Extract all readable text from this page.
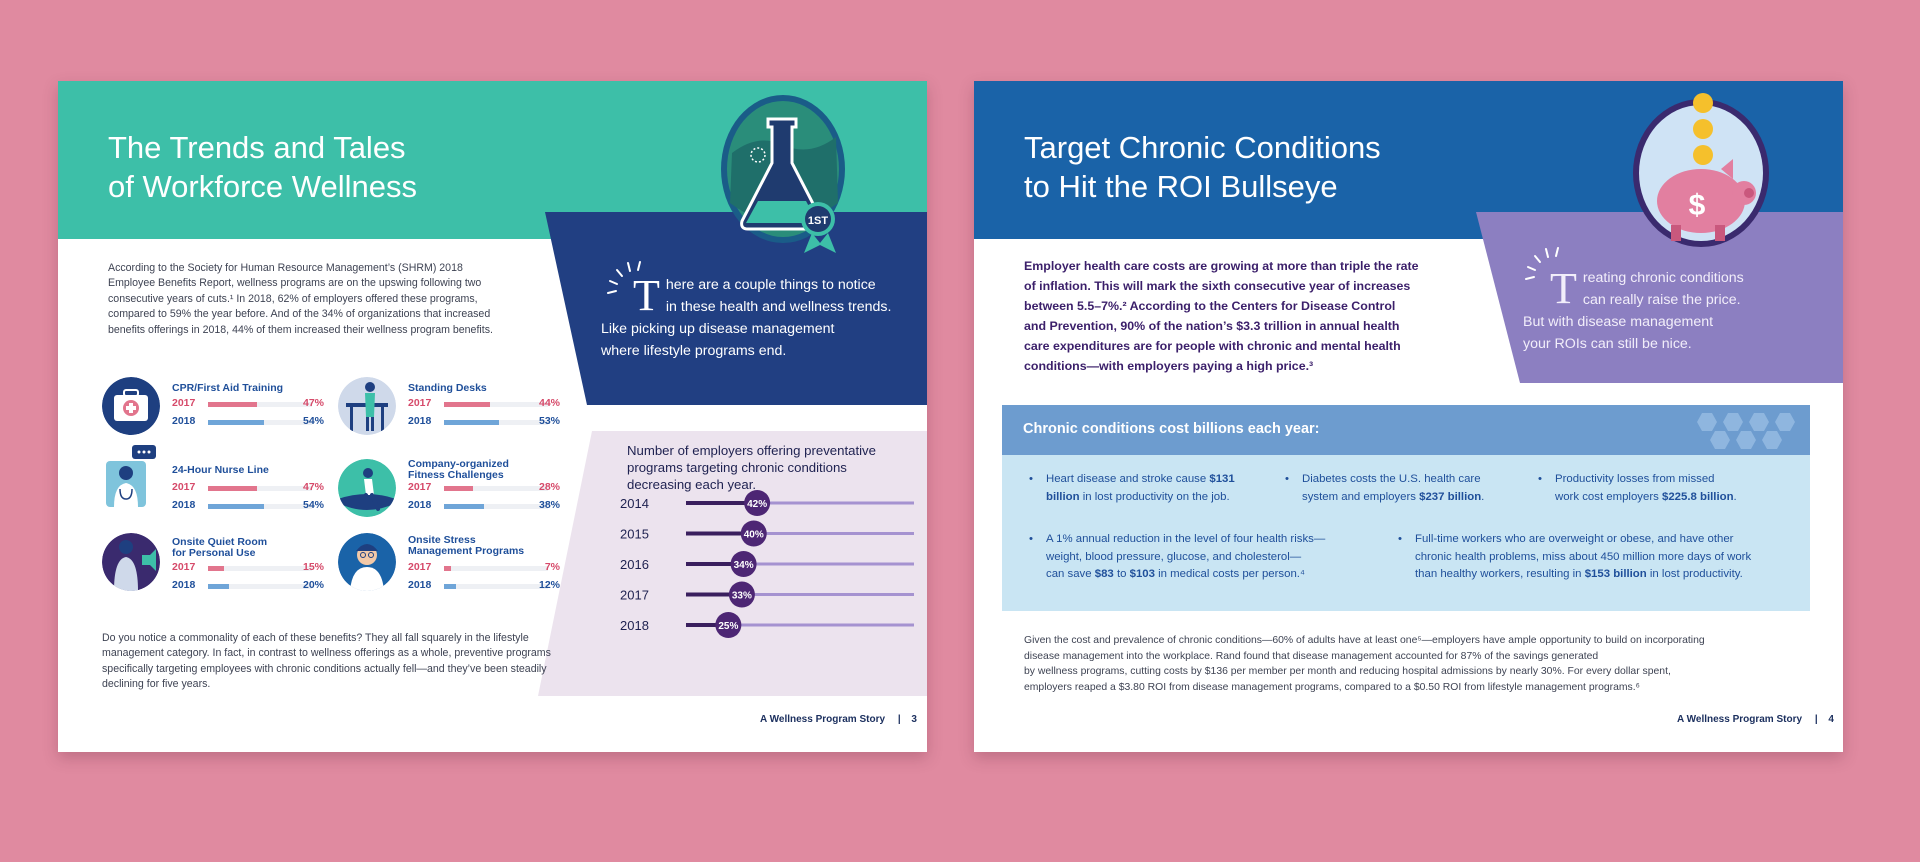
The Trends and Tales
of Workforce Wellness
1ST
T here are a couple things to notice
in these health and wellness trends.
Like picking up disease management
where lifestyle programs end.
According to the Society for Human Resource Management’s (SHRM) 2018
Employee Benefits Report, wellness programs are on the upswing following two
consecutive years of cuts.¹ In 2018, 62% of employers offered these programs,
compared to 59% the year before. And of the 34% of organizations that increased
benefits offerings in 2018, 44% of them increased their wellness program benefits.
CPR/First Aid Training
2017	47%
2018	54%
Standing Desks
2017	44%
2018	53%
24-Hour Nurse Line
2017	47%
2018	54%
Company-organized
Fitness Challenges
2017	28%
2018	38%
Onsite Quiet Room
for Personal Use
2017	15%
2018	20%
Onsite Stress
Management Programs
2017	7%
2018	12%
Do you notice a commonality of each of these benefits? They all fall squarely in the lifestyle
management category. In fact, in contrast to wellness offerings as a whole, preventive programs
specifically targeting employees with chronic conditions actually fell—and they’ve been steadily
declining for five years.
Number of employers offering preventative
programs targeting chronic conditions
decreasing each year.
2014	42%
2015	40%
2016	34%
2017	33%
2018	25%
A Wellness Program Story | 3
Target Chronic Conditions
to Hit the ROI Bullseye
$
T reating chronic conditions
can really raise the price.
But with disease management
your ROIs can still be nice.
Employer health care costs are growing at more than triple the rate
of inflation. This will mark the sixth consecutive year of increases
between 5.5–7%.² According to the Centers for Disease Control
and Prevention, 90% of the nation’s $3.3 trillion in annual health
care expenditures are for people with chronic and mental health
conditions—with employers paying a high price.³
Chronic conditions cost billions each year:
• Heart disease and stroke cause $131
billion in lost productivity on the job.
• Diabetes costs the U.S. health care
system and employers $237 billion.
• Productivity losses from missed
work cost employers $225.8 billion.
• A 1% annual reduction in the level of four health risks—
weight, blood pressure, glucose, and cholesterol—
can save $83 to $103 in medical costs per person.⁴
• Full-time workers who are overweight or obese, and have other
chronic health problems, miss about 450 million more days of work
than healthy workers, resulting in $153 billion in lost productivity.
Given the cost and prevalence of chronic conditions—60% of adults have at least one⁵—employers have ample opportunity to build on incorporating
disease management into the workplace. Rand found that disease management accounted for 87% of the savings generated
by wellness programs, cutting costs by $136 per member per month and reducing hospital admissions by nearly 30%. For every dollar spent,
employers reaped a $3.80 ROI from disease management programs, compared to a $0.50 ROI from lifestyle management programs.⁶
A Wellness Program Story | 4
